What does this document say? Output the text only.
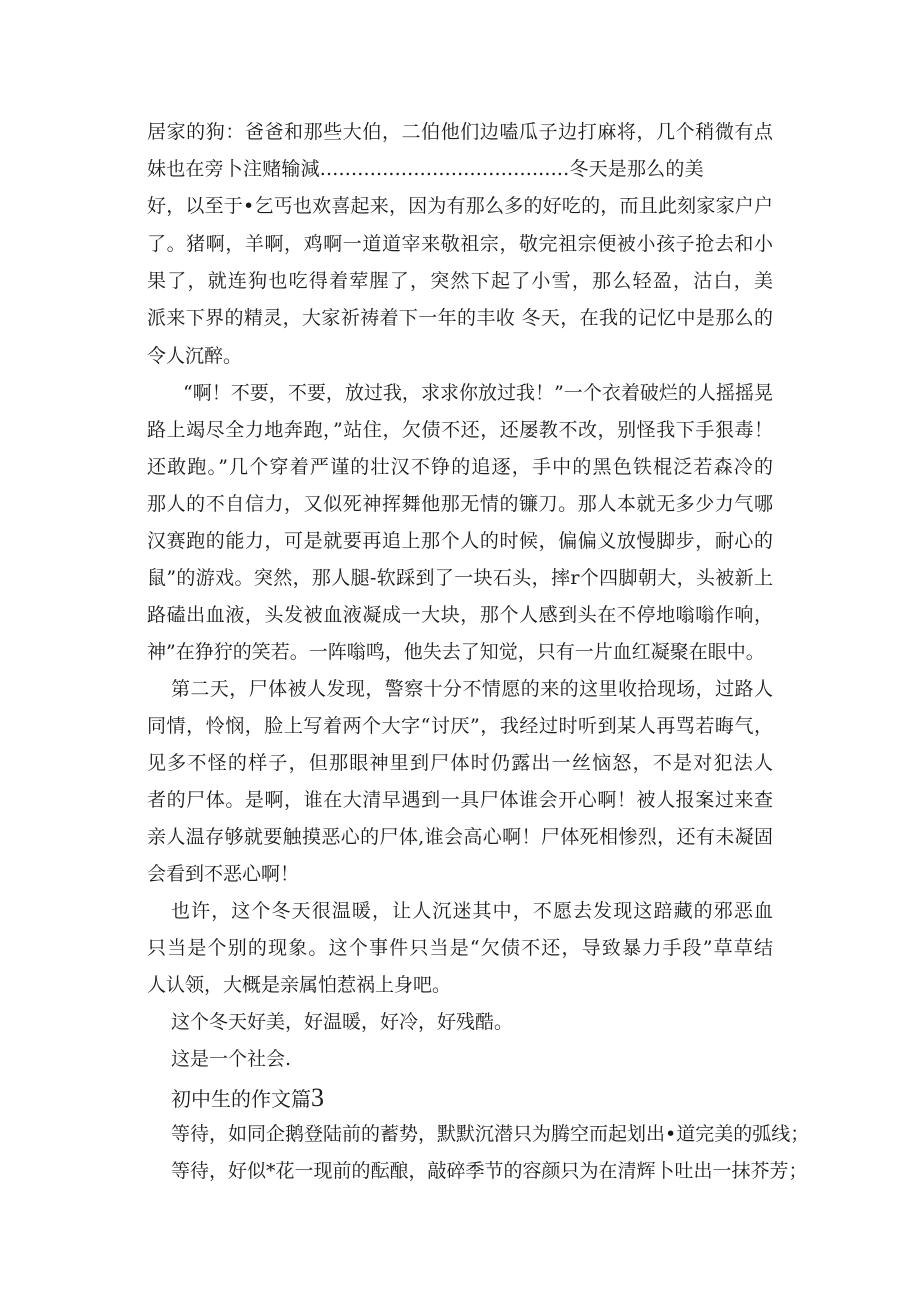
居家的狗：爸爸和那些大伯，二伯他们边嗑瓜子边打麻将，几个稍微有点
妹也在旁卜注赌输減........................................冬天是那么的美
好，以至于•乞丐也欢喜起来，因为有那么多的好吃的，而且此刻家家户户
了。猪啊，羊啊，鸡啊一道道宰来敬祖宗，敬完祖宗便被小孩子抢去和小
果了，就连狗也吃得着荤腥了，突然下起了小雪，那么轻盈，沽白，美
派来下界的精灵，大家祈祷着下一年的丰收 冬天，在我的记忆中是那么的
令人沉醉。
“啊！不要，不要，放过我，求求你放过我！”一个衣着破烂的人摇摇晃
路上竭尽全力地奔跑，”站住，欠债不还，还屡教不改，别怪我下手狠毒！
还敢跑。”几个穿着严谨的壮汉不铮的追逐，手中的黑色铁棍泛若森冷的
那人的不自信力，又似死神挥舞他那无情的镰刀。那人本就无多少力气哪
汉赛跑的能力，可是就要再追上那个人的时候，偏偏义放慢脚步，耐心的
鼠”的游戏。突然，那人腿-软踩到了一块石头，摔r个四脚朝大，头被新上
路磕出血液，头发被血液凝成一大块，那个人感到头在不停地嗡嗡作响，
神”在狰狞的笑若。一阵嗡鸣，他失去了知觉，只有一片血红凝聚在眼中。
第二天，尸体被人发现，警察十分不情愿的来的这里收拾现场，过路人
同情，怜悯，脸上写着两个大字“讨厌”，我经过时听到某人再骂若晦气，
见多不怪的样子，但那眼神里到尸体时仍露出一丝恼怒，不是对犯法人
者的尸体。是啊，谁在大清早遇到一具尸体谁会开心啊！被人报案过来查
亲人温存够就要触摸恶心的尸体,谁会高心啊！尸体死相惨烈，还有未凝固
会看到不恶心啊！
也许，这个冬天很温暖，让人沉迷其中，不愿去发现这踣藏的邪恶血
只当是个别的现象。这个事件只当是“欠债不还，导致暴力手段”草草结
人认领，大概是亲属怕惹祸上身吧。
这个冬天好美，好温暖，好冷，好残酷。
这是一个社会.
初中生的作文篇3
等待，如同企鹅登陆前的蓄势，默默沉潜只为腾空而起划出•道完美的弧线；
等待，好似*花一现前的酝酿，敲碎季节的容颜只为在清辉卜吐出一抹芥芳；
